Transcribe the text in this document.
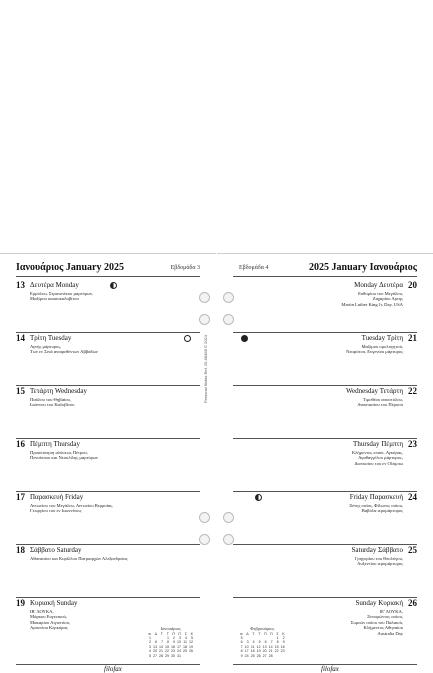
Ιανουάριος January 2025	Εβδομάδα 3
13 Δευτέρα Monday
Ερμύλου, Στρατονίκου μαρτύρων,
Μαξίμου καυσοκαλυβίτου
14 Τρίτη Tuesday
Αγνής μάρτυρος,
Των εν Σινά αναιρεθέντων Αββάδων
15 Τετάρτη Wednesday
Παύλου του Θηβαίου,
Ιωάννου του Καλυβίτου
16 Πέμπτη Thursday
Προσκύνηση αλύσεως Πέτρου,
Πενσίππου και Νεοκλίλης μαρτύρων
17 Παρασκευή Friday
Αντωνίου του Μεγάλου, Αντωνίου Βερροίας,
Γεωργίου του εν Ιωαννίνοις
18 Σάββατο Saturday
Αθανασίου και Κυρίλλου Πατριαρχών Αλεξανδρείας
19 Κυριακή Sunday
ΙΒ' ΛΟΥΚΑ,
Μάρκου Ευγενικού,
Μακαρίου Αιγυπτίου,
Αρσενίου Κερκύρας	Ιανουάριος
w	Δ	Τ	Τ	Π	Π	Σ	Κ
1			1	2	3	4	5
2	6	7	8	9	10	11	12
3	13	14	15	16	17	18	19
4	20	21	22	23	24	25	26
5	27	28	29	30	31		
filofax
Εβδομάδα 4	2025 January Ιανουάριος
20
Monday Δευτέρα
Ευθυμίου του Μεγάλου,
Ζαχαρίου Αρτης
Martin Luther King Jr. Day, USA
21
Tuesday Τρίτη
Μαξίμου ομολογητού,
Νεοφύτου, Ευγενίου μάρτυρος
22
Wednesday Τετάρτη
Τιμοθέου αποστόλου,
Αναστασίου του Πέρσου
23
Thursday Πέμπτη
Κλήμεντος επισκ. Αγκύρας,
Αγαθαγγέλου μάρτυρος,
Διονυσίου του εν Ολύμπω
24
Friday Παρασκευή
Ξένης οσίας, Φίλωνος οσίου,
Βαβύλα ιερομάρτυρος
25
Saturday Σάββατο
Γρηγορίου του Θεολόγου,
Αυξεντίου ιερομάρτυρος
26
Sunday Κυριακή
ΙΕ' ΛΟΥΚΑ,
Ξενοφώντος οσίου,
Συμεών οσίου του Παλαιού,
Κλήμεντος Αθηναίου
Australia Day
Φεβρουάριος
w	Δ	Τ	Τ	Π	Π	Σ	Κ
5						1	2
6	3	4	5	6	7	8	9
7	10	11	12	13	14	15	16
8	17	18	19	20	21	22	23
9	24	25	26	27	28		
filofax
Personal filofax Ref. 25-68468 © 2024
